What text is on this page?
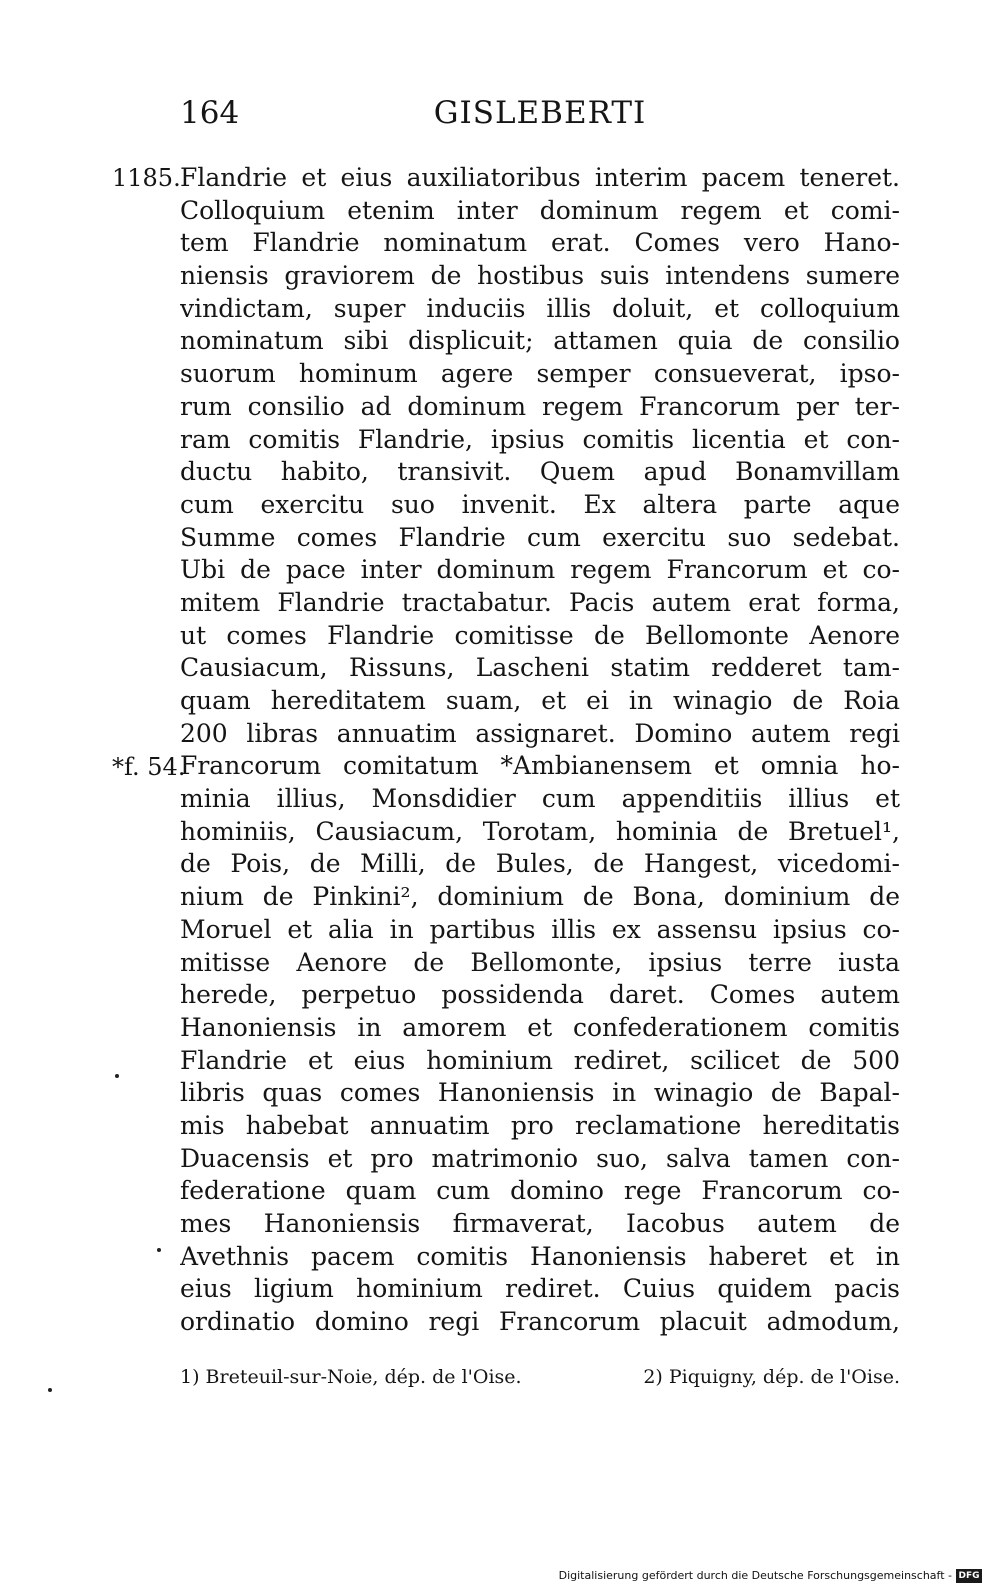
164	GISLEBERTI
1185.
*f. 54.
Flandrie et eius auxiliatoribus interim pacem teneret.
Colloquium etenim inter dominum regem et comi-
tem Flandrie nominatum erat. Comes vero Hano-
niensis graviorem de hostibus suis intendens sumere
vindictam, super induciis illis doluit, et colloquium
nominatum sibi displicuit; attamen quia de consilio
suorum hominum agere semper consueverat, ipso-
rum consilio ad dominum regem Francorum per ter-
ram comitis Flandrie, ipsius comitis licentia et con-
ductu habito, transivit. Quem apud Bonamvillam
cum exercitu suo invenit. Ex altera parte aque
Summe comes Flandrie cum exercitu suo sedebat.
Ubi de pace inter dominum regem Francorum et co-
mitem Flandrie tractabatur. Pacis autem erat forma,
ut comes Flandrie comitisse de Bellomonte Aenore
Causiacum, Rissuns, Lascheni statim redderet tam-
quam hereditatem suam, et ei in winagio de Roia
200 libras annuatim assignaret. Domino autem regi
Francorum comitatum *Ambianensem et omnia ho-
minia illius, Monsdidier cum appenditiis illius et
hominiis, Causiacum, Torotam, hominia de Bretuel¹,
de Pois, de Milli, de Bules, de Hangest, vicedomi-
nium de Pinkini², dominium de Bona, dominium de
Moruel et alia in partibus illis ex assensu ipsius co-
mitisse Aenore de Bellomonte, ipsius terre iusta
herede, perpetuo possidenda daret. Comes autem
Hanoniensis in amorem et confederationem comitis
Flandrie et eius hominium rediret, scilicet de 500
libris quas comes Hanoniensis in winagio de Bapal-
mis habebat annuatim pro reclamatione hereditatis
Duacensis et pro matrimonio suo, salva tamen con-
federatione quam cum domino rege Francorum co-
mes Hanoniensis firmaverat, Iacobus autem de
Avethnis pacem comitis Hanoniensis haberet et in
eius ligium hominium rediret. Cuius quidem pacis
ordinatio domino regi Francorum placuit admodum,
1) Breteuil-sur-Noie, dép. de l'Oise.	2) Piquigny, dép. de l'Oise.
Digitalisierung gefördert durch die Deutsche Forschungsgemeinschaft - DFG
